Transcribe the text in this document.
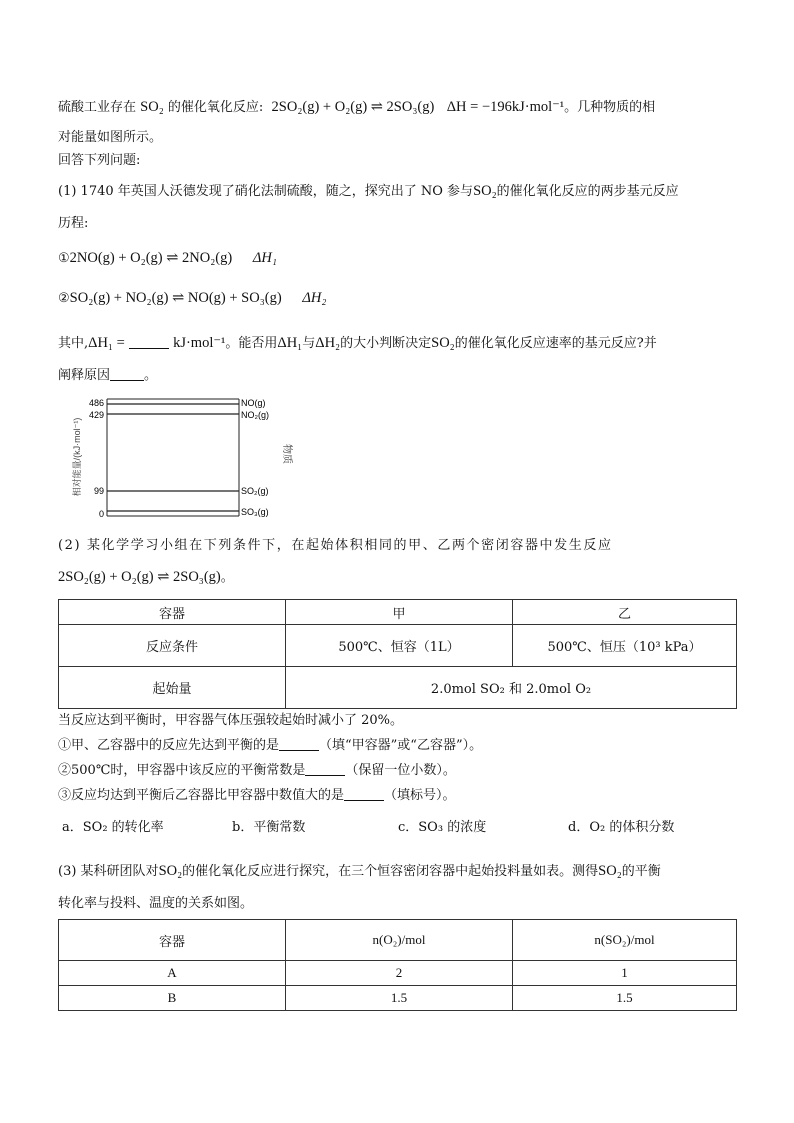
硫酸工业存在 SO₂ 的催化氧化反应: 2SO₂(g) + O₂(g) ⇌ 2SO₃(g) ΔH = −196kJ·mol⁻¹。几种物质的相
对能量如图所示。
回答下列问题:
(1) 1740 年英国人沃德发现了硝化法制硫酸，随之，探究出了 NO 参与SO₂的催化氧化反应的两步基元反应
历程:
①2NO(g) + O₂(g) ⇌ 2NO₂(g) ΔH₁
②SO₂(g) + NO₂(g) ⇌ NO(g) + SO₃(g) ΔH₂
其中,ΔH₁ =	kJ·mol⁻¹。能否用ΔH₁与ΔH₂的大小判断决定SO₂的催化氧化反应速率的基元反应?并
阐释原因	。
相对能量/(kJ·mol⁻¹)	物质
486
429
99
0
NO(g)
NO₂(g)
SO₂(g)
SO₃(g)
(2) 某化学学习小组在下列条件下，在起始体积相同的甲、乙两个密闭容器中发生反应
2SO₂(g) + O₂(g) ⇌ 2SO₃(g)。
容器	甲	乙
反应条件	500℃、恒容（1L）	500℃、恒压（10³ kPa）
起始量	2.0mol SO₂ 和 2.0mol O₂	
当反应达到平衡时，甲容器气体压强较起始时减小了 20%。
①甲、乙容器中的反应先达到平衡的是	（填“甲容器”或“乙容器”）。
②500℃时，甲容器中该反应的平衡常数是	（保留一位小数）。
③反应均达到平衡后乙容器比甲容器中数值大的是	（填标号）。
a．SO₂ 的转化率	b．平衡常数	c．SO₃ 的浓度	d．O₂ 的体积分数
(3) 某科研团队对SO₂的催化氧化反应进行探究，在三个恒容密闭容器中起始投料量如表。测得SO₂的平衡
转化率与投料、温度的关系如图。
容器	n(O₂)/mol	n(SO₂)/mol
A	2	1
B	1.5	1.5
